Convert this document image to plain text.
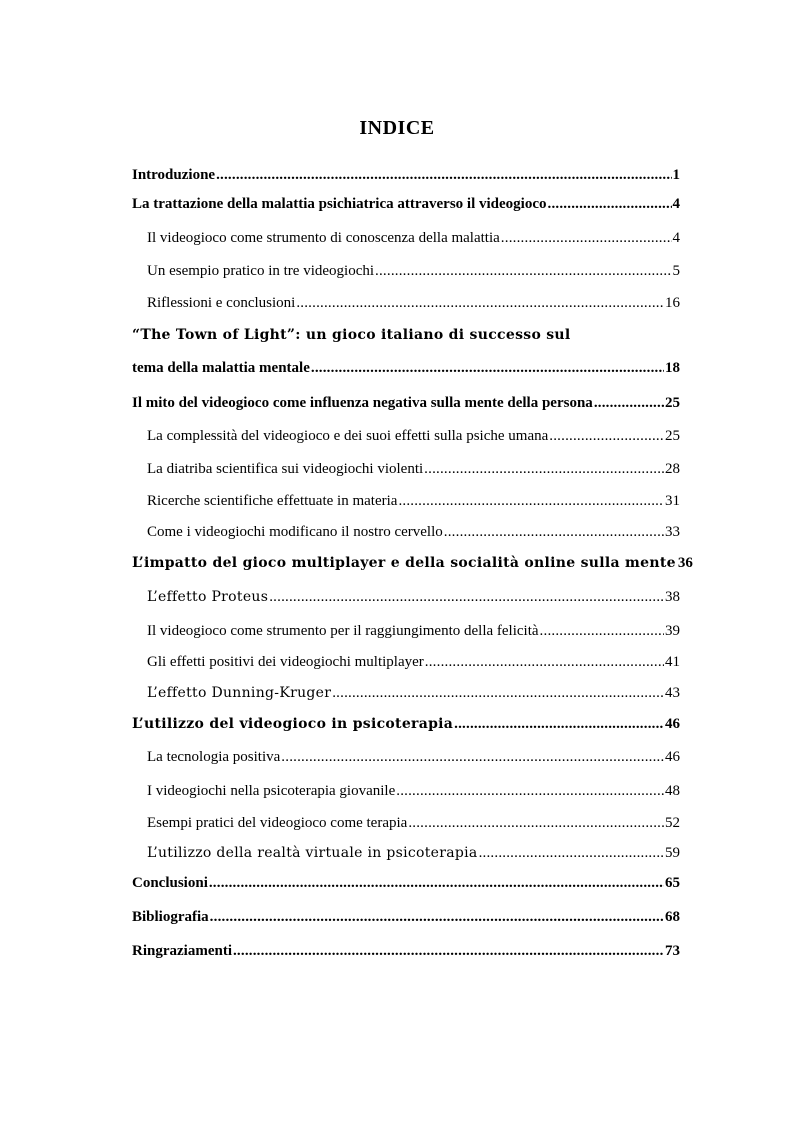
INDICE
Introduzione .....	1
La trattazione della malattia psichiatrica attraverso il videogioco .....	4
Il videogioco come strumento di conoscenza della malattia .....	4
Un esempio pratico in tre videogiochi .....	5
Riflessioni e conclusioni .....	16
“The Town of Light”: un gioco italiano di successo sul
tema della malattia mentale .....	18
Il mito del videogioco come influenza negativa sulla mente della persona .....	25
La complessità del videogioco e dei suoi effetti sulla psiche umana .....	25
La diatriba scientifica sui videogiochi violenti .....	28
Ricerche scientifiche effettuate in materia .....	31
Come i videogiochi modificano il nostro cervello .....	33
L’impatto del gioco multiplayer e della socialità online sulla mente 36
L’effetto Proteus .....	38
Il videogioco come strumento per il raggiungimento della felicità .....	39
Gli effetti positivi dei videogiochi multiplayer .....	41
L’effetto Dunning-Kruger .....	43
L’utilizzo del videogioco in psicoterapia .....	46
La tecnologia positiva .....	46
I videogiochi nella psicoterapia giovanile .....	48
Esempi pratici del videogioco come terapia .....	52
L’utilizzo della realtà virtuale in psicoterapia .....	59
Conclusioni .....	65
Bibliografia .....	68
Ringraziamenti .....	73
